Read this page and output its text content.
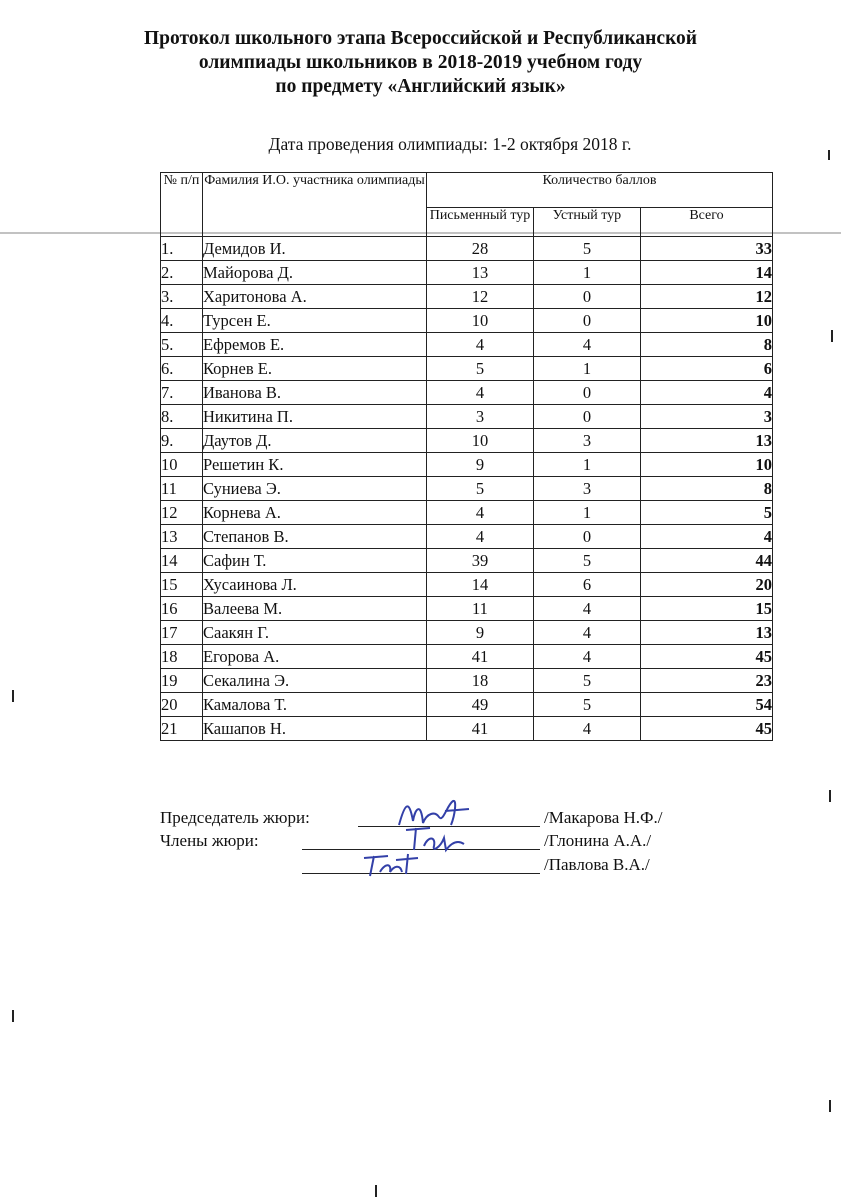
Протокол школьного этапа Всероссийской и Республиканской
олимпиады школьников в 2018-2019 учебном году
по предмету «Английский язык»
Дата проведения олимпиады: 1-2 октября 2018 г.
№ п/п	Фамилия И.О. участника олимпиады	Количество баллов		
		Письменный тур	Устный тур	Всего
1.	Демидов И.	28	5	33
2.	Майорова Д.	13	1	14
3.	Харитонова А.	12	0	12
4.	Турсен Е.	10	0	10
5.	Ефремов Е.	4	4	8
6.	Корнев Е.	5	1	6
7.	Иванова В.	4	0	4
8.	Никитина П.	3	0	3
9.	Даутов Д.	10	3	13
10	Решетин К.	9	1	10
11	Суниева Э.	5	3	8
12	Корнева А.	4	1	5
13	Степанов В.	4	0	4
14	Сафин Т.	39	5	44
15	Хусаинова Л.	14	6	20
16	Валеева М.	11	4	15
17	Саакян Г.	9	4	13
18	Егорова А.	41	4	45
19	Секалина Э.	18	5	23
20	Камалова Т.	49	5	54
21	Кашапов Н.	41	4	45
Председатель жюри:	/Макарова Н.Ф./
Члены жюри:	/Глонина А.А./
/Павлова В.А./
